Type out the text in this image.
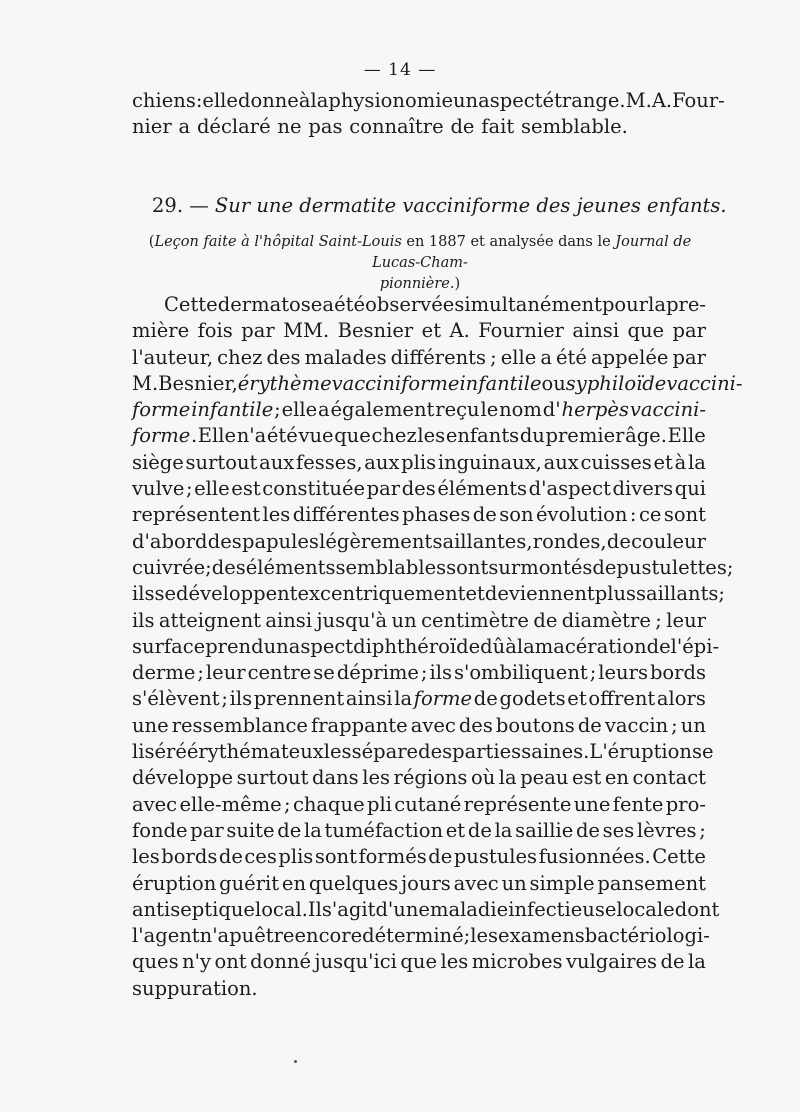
— 14 —
chiens : elle donne à la physionomie un aspect étrange. M. A. Four-
nier a déclaré ne pas connaître de fait semblable.
29. — Sur une dermatite vacciniforme des jeunes enfants.
(Leçon faite à l'hôpital Saint-Louis en 1887 et analysée dans le Journal de Lucas-Cham-
pionnière.)
Cette dermatose a été observée simultanément pour la pre-
mière fois par MM. Besnier et A. Fournier ainsi que par
l'auteur, chez des malades différents ; elle a été appelée par
M. Besnier, érythème vacciniforme infantile ou syphiloïde vaccini-
forme infantile ; elle a également reçu le nom d' herpès vaccini-
forme . Elle n'a été vue que chez les enfants du premier âge. Elle
siège surtout aux fesses, aux plis inguinaux, aux cuisses et à la
vulve ; elle est constituée par des éléments d'aspect divers qui
représentent les différentes phases de son évolution : ce sont
d'abord des papules légèrement saillantes, rondes, de couleur
cuivrée ; des éléments semblables sont surmontés de pustulettes ;
ils se développent excentriquement et deviennent plus saillants ;
ils atteignent ainsi jusqu'à un centimètre de diamètre ; leur
surface prend un aspect diphthéroïde dû à la macération de l'épi-
derme ; leur centre se déprime ; ils s'ombiliquent ; leurs bords
s'élèvent ; ils prennent ainsi la forme de godets et offrent alors
une ressemblance frappante avec des boutons de vaccin ; un
liséré érythémateux les sépare des parties saines. L'éruption se
développe surtout dans les régions où la peau est en contact
avec elle-même ; chaque pli cutané représente une fente pro-
fonde par suite de la tuméfaction et de la saillie de ses lèvres ;
les bords de ces plis sont formés de pustules fusionnées. Cette
éruption guérit en quelques jours avec un simple pansement
antiseptique local. Il s'agit d'une maladie infectieuse locale dont
l'agent n'a pu être encore déterminé ; les examens bactériologi-
ques n'y ont donné jusqu'ici que les microbes vulgaires de la
suppuration.
